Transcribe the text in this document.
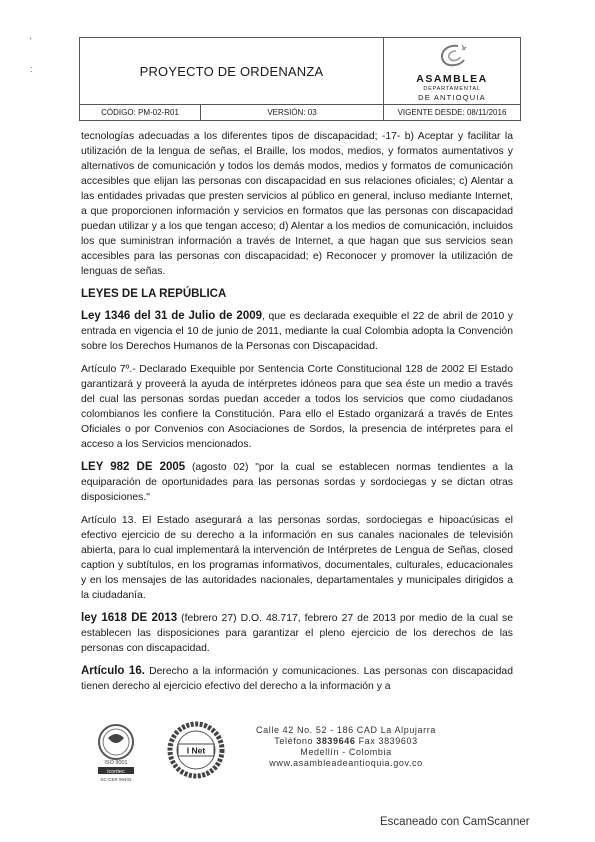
'
:	PROYECTO DE ORDENANZA
ASAMBLEA
DEPARTAMENTAL
DE ANTIOQUIA
CÓDIGO: PM-02-R01	VERSIÓN: 03	VIGENTE DESDE: 08/11/2016

tecnologías adecuadas a los diferentes tipos de discapacidad; -17- b) Aceptar y facilitar la utilización de la lengua de señas, el Braille, los modos, medios, y formatos aumentativos y alternativos de comunicación y todos los demás modos, medios y formatos de comunicación accesibles que elijan las personas con discapacidad en sus relaciones oficiales; c) Alentar a las entidades privadas que presten servicios al público en general, incluso mediante Internet, a que proporcionen información y servicios en formatos que las personas con discapacidad puedan utilizar y a los que tengan acceso; d) Alentar a los medios de comunicación, incluidos los que suministran información a través de Internet, a que hagan que sus servicios sean accesibles para las personas con discapacidad; e) Reconocer y promover la utilización de lenguas de señas.

LEYES DE LA REPÚBLICA

Ley 1346 del 31 de Julio de 2009, que es declarada exequible el 22 de abril de 2010 y entrada en vigencia el 10 de junio de 2011, mediante la cual Colombia adopta la Convención sobre los Derechos Humanos de la Personas con Discapacidad.

Artículo 7º.- Declarado Exequible por Sentencia Corte Constitucional 128 de 2002 El Estado garantizará y proveerá la ayuda de intérpretes idóneos para que sea éste un medio a través del cual las personas sordas puedan acceder a todos los servicios que como ciudadanos colombianos les confiere la Constitución. Para ello el Estado organizará a través de Entes Oficiales o por Convenios con Asociaciones de Sordos, la presencia de intérpretes para el acceso a los Servicios mencionados.

LEY 982 DE 2005 (agosto 02) "por la cual se establecen normas tendientes a la equiparación de oportunidades para las personas sordas y sordociegas y se dictan otras disposiciones."

Artículo 13. El Estado asegurará a las personas sordas, sordociegas e hipoacúsicas el efectivo ejercicio de su derecho a la información en sus canales nacionales de televisión abierta, para lo cual implementará la intervención de Intérpretes de Lengua de Señas, closed caption y subtítulos, en los programas informativos, documentales, culturales, educacionales y en los mensajes de las autoridades nacionales, departamentales y municipales dirigidos a la ciudadanía.

ley 1618 DE 2013 (febrero 27) D.O. 48.717, febrero 27 de 2013 por medio de la cual se establecen las disposiciones para garantizar el pleno ejercicio de los derechos de las personas con discapacidad.

Artículo 16. Derecho a la información y comunicaciones. Las personas con discapacidad tienen derecho al ejercicio efectivo del derecho a la información y a

ISO 9001
icontec
SC-CER 96402
I Net
Calle 42 No. 52 - 186 CAD La Alpujarra
Teléfono 3839646 Fax 3839603
Medellín - Colombia
www.asambleadeantioquia.gov.co
Escaneado con CamScanner
